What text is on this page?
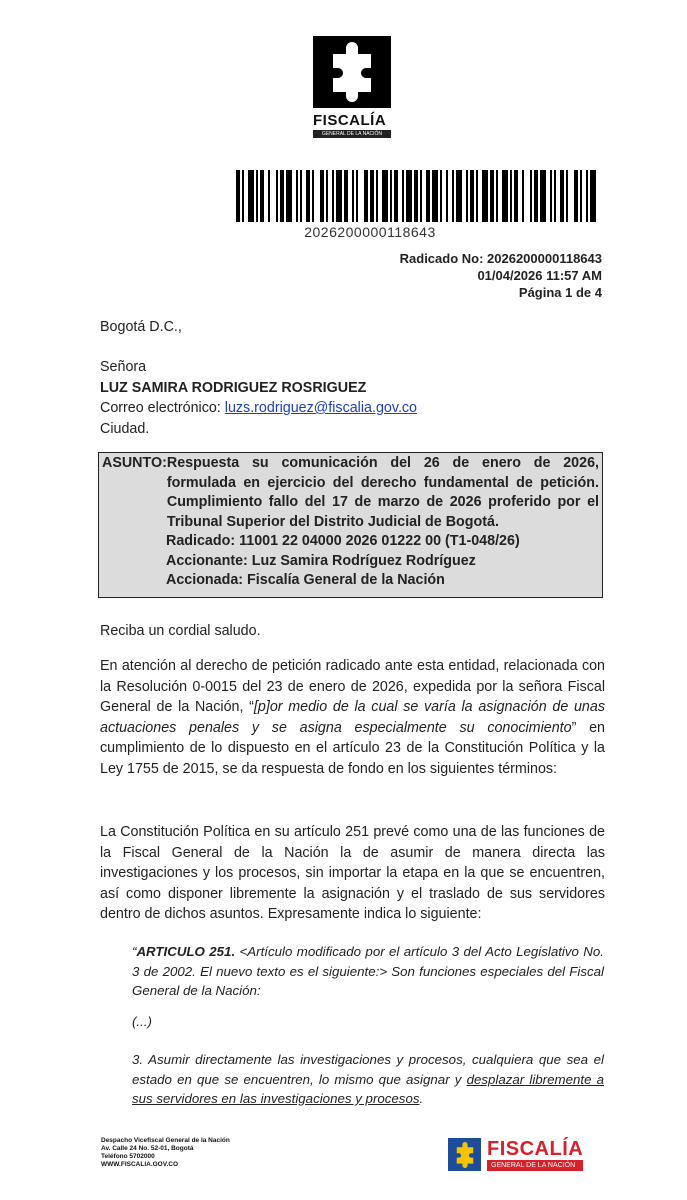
FISCALÍA
GENERAL DE LA NACIÓN
2026200000118643
Radicado No: 2026200000118643
01/04/2026 11:57 AM
Página 1 de 4
Bogotá D.C.,
Señora
LUZ SAMIRA RODRIGUEZ ROSRIGUEZ
Correo electrónico: luzs.rodriguez@fiscalia.gov.co
Ciudad.
ASUNTO: Respuesta su comunicación del 26 de enero de 2026, formulada en ejercicio del derecho fundamental de petición. Cumplimiento fallo del 17 de marzo de 2026 proferido por el Tribunal Superior del Distrito Judicial de Bogotá.
Radicado: 11001 22 04000 2026 01222 00 (T1-048/26)
Accionante: Luz Samira Rodríguez Rodríguez
Accionada: Fiscalía General de la Nación
Reciba un cordial saludo.
En atención al derecho de petición radicado ante esta entidad, relacionada con la Resolución 0-0015 del 23 de enero de 2026, expedida por la señora Fiscal General de la Nación, “[p]or medio de la cual se varía la asignación de unas actuaciones penales y se asigna especialmente su conocimiento” en cumplimiento de lo dispuesto en el artículo 23 de la Constitución Política y la Ley 1755 de 2015, se da respuesta de fondo en los siguientes términos:
La Constitución Política en su artículo 251 prevé como una de las funciones de la Fiscal General de la Nación la de asumir de manera directa las investigaciones y los procesos, sin importar la etapa en la que se encuentren, así como disponer libremente la asignación y el traslado de sus servidores dentro de dichos asuntos. Expresamente indica lo siguiente:
“ARTICULO 251. <Artículo modificado por el artículo 3 del Acto Legislativo No. 3 de 2002. El nuevo texto es el siguiente:> Son funciones especiales del Fiscal General de la Nación:
(...)
3. Asumir directamente las investigaciones y procesos, cualquiera que sea el estado en que se encuentren, lo mismo que asignar y desplazar libremente a sus servidores en las investigaciones y procesos.
Despacho Vicefiscal General de la Nación
Av. Calle 24 No. 52-01, Bogotá
Teléfono 5702000
WWW.FISCALIA.GOV.CO
FISCALÍA
GENERAL DE LA NACIÓN
